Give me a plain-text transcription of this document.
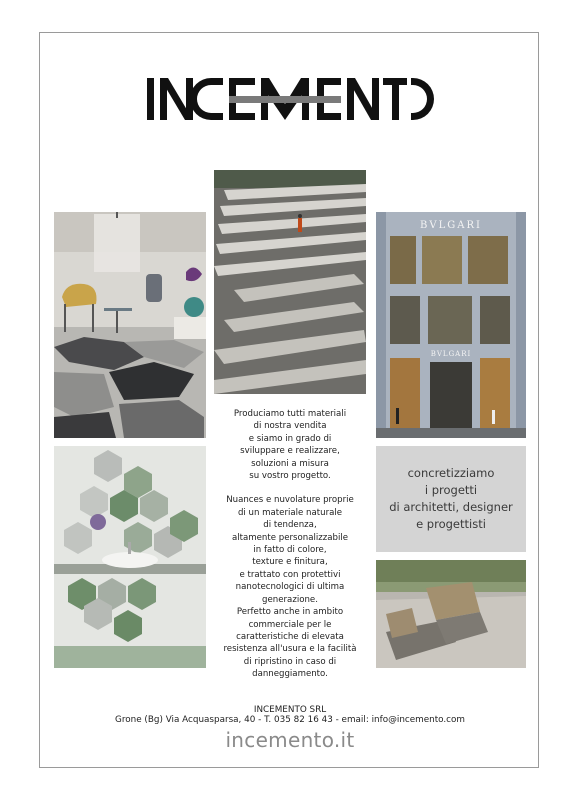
BVLGARI
BVLGARI
concretizziamo
i progetti
di architetti, designer
e progettisti
Produciamo tutti materiali
di nostra vendita
e siamo in grado di
sviluppare e realizzare,
soluzioni a misura
su vostro progetto.
Nuances e nuvolature proprie
di un materiale naturale
di tendenza,
altamente personalizzabile
in fatto di colore,
texture e finitura,
e trattato con protettivi
nanotecnologici di ultima
generazione.
Perfetto anche in ambito
commerciale per le
caratteristiche di elevata
resistenza all'usura e la facilità
di ripristino in caso di
danneggiamento.
INCEMENTO SRL
Grone (Bg) Via Acquasparsa, 40 - T. 035 82 16 43 - email: info@incemento.com
incemento.it
